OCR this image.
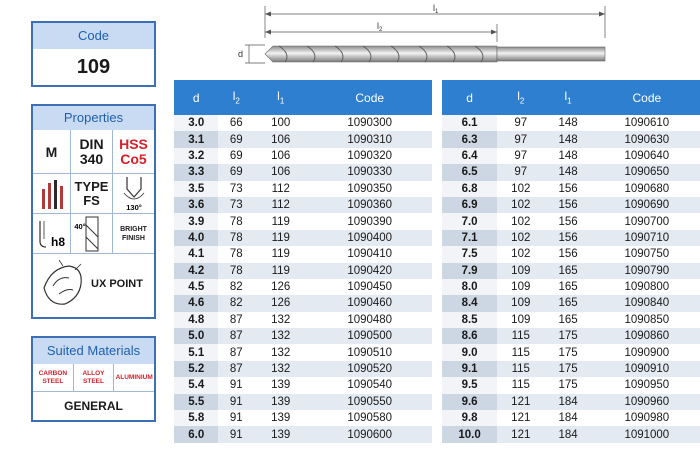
Code
109
Properties
M DIN
340
HSS
Co5
TYPE
FS	130°
h8
40°	BRIGHT
FINISH
UX POINT
Suited Materials
CARBON
STEEL
ALLOY
STEEL
ALUMINIUM
GENERAL
$l_1$
$l_2$
d
d	$l_2$	$l_1$	Code
3.0	66	100	1090300
3.1	69	106	1090310
3.2	69	106	1090320
3.3	69	106	1090330
3.5	73	112	1090350
3.6	73	112	1090360
3.9	78	119	1090390
4.0	78	119	1090400
4.1	78	119	1090410
4.2	78	119	1090420
4.5	82	126	1090450
4.6	82	126	1090460
4.8	87	132	1090480
5.0	87	132	1090500
5.1	87	132	1090510
5.2	87	132	1090520
5.4	91	139	1090540
5.5	91	139	1090550
5.8	91	139	1090580
6.0	91	139	1090600
d	$l_2$	$l_1$	Code
6.1	97	148	1090610
6.3	97	148	1090630
6.4	97	148	1090640
6.5	97	148	1090650
6.8	102	156	1090680
6.9	102	156	1090690
7.0	102	156	1090700
7.1	102	156	1090710
7.5	102	156	1090750
7.9	109	165	1090790
8.0	109	165	1090800
8.4	109	165	1090840
8.5	109	165	1090850
8.6	115	175	1090860
9.0	115	175	1090900
9.1	115	175	1090910
9.5	115	175	1090950
9.6	121	184	1090960
9.8	121	184	1090980
10.0	121	184	1091000
